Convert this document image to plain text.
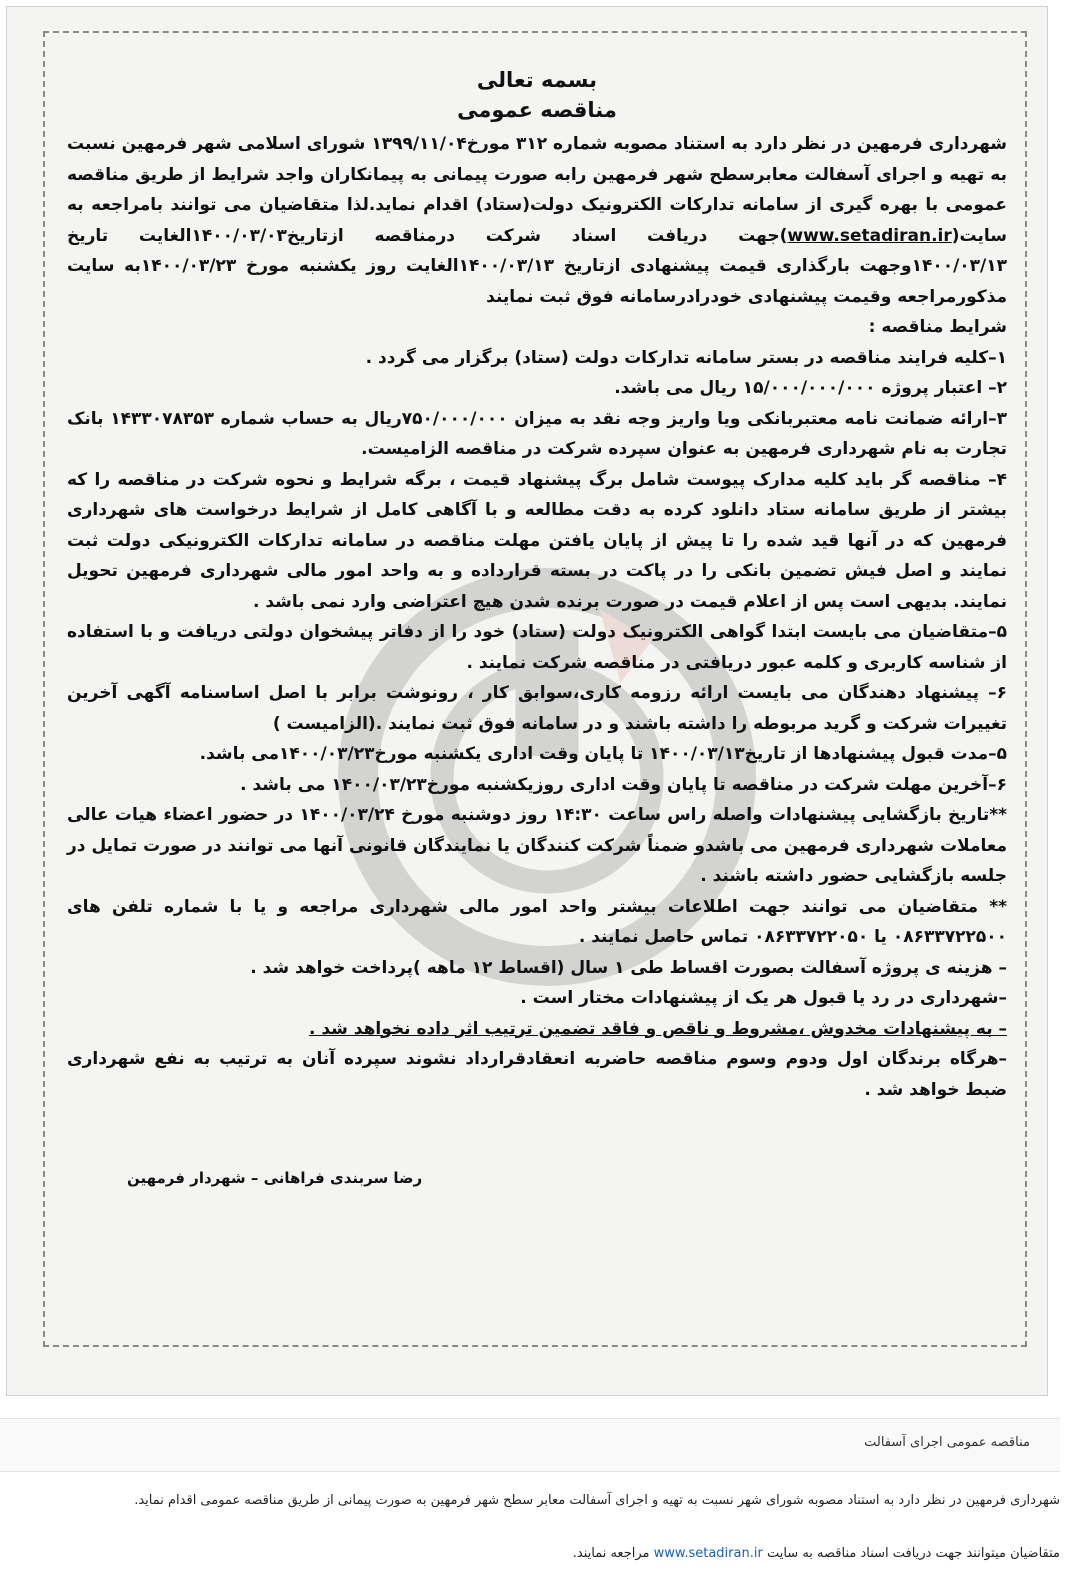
بسمه تعالی

مناقصه عمومی

شهرداری فرمهین در نظر دارد به استناد مصوبه شماره ۳۱۲ مورخ۱۳۹۹/۱۱/۰۴ شورای اسلامی شهر فرمهین نسبت به تهیه و اجرای آسفالت معابرسطح شهر فرمهین رابه صورت پیمانی به پیمانکاران واجد شرایط از طریق مناقصه عمومی با بهره گیری از سامانه تدارکات الکترونیک دولت(ستاد) اقدام نماید.لذا متقاضیان می توانند بامراجعه به سایت(www.setadiran.ir)جهت دریافت اسناد شرکت درمناقصه ازتاریخ۱۴۰۰/۰۳/۰۳الغایت تاریخ ۱۴۰۰/۰۳/۱۳وجهت بارگذاری قیمت پیشنهادی ازتاریخ ۱۴۰۰/۰۳/۱۳الغایت روز یکشنبه مورخ ۱۴۰۰/۰۳/۲۳به سایت مذکورمراجعه وقیمت پیشنهادی خودرادرسامانه فوق ثبت نمایند

شرایط مناقصه :

۱–کلیه فرایند مناقصه در بستر سامانه تدارکات دولت (ستاد) برگزار می گردد .

۲– اعتبار پروژه ۱۵/۰۰۰/۰۰۰/۰۰۰ ریال می باشد.

۳–ارائه ضمانت نامه معتبربانکی ویا واریز وجه نقد به میزان ۷۵۰/۰۰۰/۰۰۰ریال به حساب شماره ۱۴۳۳۰۷۸۳۵۳ بانک تجارت به نام شهرداری فرمهین به عنوان سپرده شرکت در مناقصه الزامیست.

۴– مناقصه گر باید کلیه مدارک پیوست شامل برگ پیشنهاد قیمت ، برگه شرایط و نحوه شرکت در مناقصه را که بیشتر از طریق سامانه ستاد دانلود کرده به دقت مطالعه و با آگاهی کامل از شرایط درخواست های شهرداری فرمهین که در آنها قید شده را تا پیش از پایان یافتن مهلت مناقصه در سامانه تدارکات الکترونیکی دولت ثبت نمایند و اصل فیش تضمین بانکی را در پاکت در بسته قرارداده و به واحد امور مالی شهرداری فرمهین تحویل نمایند. بدیهی است پس از اعلام قیمت در صورت برنده شدن هیچ اعتراضی وارد نمی باشد .

۵–متقاضیان می بایست ابتدا گواهی الکترونیک دولت (ستاد) خود را از دفاتر پیشخوان دولتی دریافت و با استفاده از شناسه کاربری و کلمه عبور دریافتی در مناقصه شرکت نمایند .

۶– پیشنهاد دهندگان می بایست ارائه رزومه کاری،سوابق کار ، رونوشت برابر با اصل اساسنامه آگهی آخرین تغییرات شرکت و گرید مربوطه را داشته باشند و در سامانه فوق ثبت نمایند .(الزامیست )

۵–مدت قبول پیشنهادها از تاریخ۱۴۰۰/۰۳/۱۳ تا پایان وقت اداری یکشنبه مورخ۱۴۰۰/۰۳/۲۳می باشد.

۶–آخرین مهلت شرکت در مناقصه تا پایان وقت اداری روزیکشنبه مورخ۱۴۰۰/۰۳/۲۳ می باشد .

**تاریخ بازگشایی پیشنهادات واصله راس ساعت ۱۴:۳۰ روز دوشنبه مورخ ۱۴۰۰/۰۳/۲۴ در حضور اعضاء هیات عالی معاملات شهرداری فرمهین می باشدو ضمناً شرکت کنندگان یا نمایندگان قانونی آنها می توانند در صورت تمایل در جلسه بازگشایی حضور داشته باشند .

** متقاضیان می توانند جهت اطلاعات بیشتر واحد امور مالی شهرداری مراجعه و یا با شماره تلفن های ۰۸۶۳۳۷۲۲۵۰۰ یا ۰۸۶۳۳۷۲۲۰۵۰ تماس حاصل نمایند .

– هزینه ی پروژه آسفالت بصورت اقساط طی ۱ سال (اقساط ۱۲ ماهه )پرداخت خواهد شد .

–شهرداری در رد یا قبول هر یک از پیشنهادات مختار است .

– به پیشنهادات مخدوش ،مشروط و ناقص و فاقد تضمین ترتیب اثر داده نخواهد شد .

–هرگاه برندگان اول ودوم وسوم مناقصه حاضربه انعقادقرارداد نشوند سپرده آنان به ترتیب به نفع شهرداری ضبط خواهد شد .

رضا سربندی فراهانی – شهردار فرمهین
مناقصه عمومی اجرای آسفالت

شهرداری فرمهین در نظر دارد به استناد مصوبه شورای شهر نسبت به تهیه و اجرای آسفالت معابر سطح شهر فرمهین به صورت پیمانی از طریق مناقصه عمومی اقدام نماید.

متقاضیان میتوانند جهت دریافت اسناد مناقصه به سایت www.setadiran.ir مراجعه نمایند.
